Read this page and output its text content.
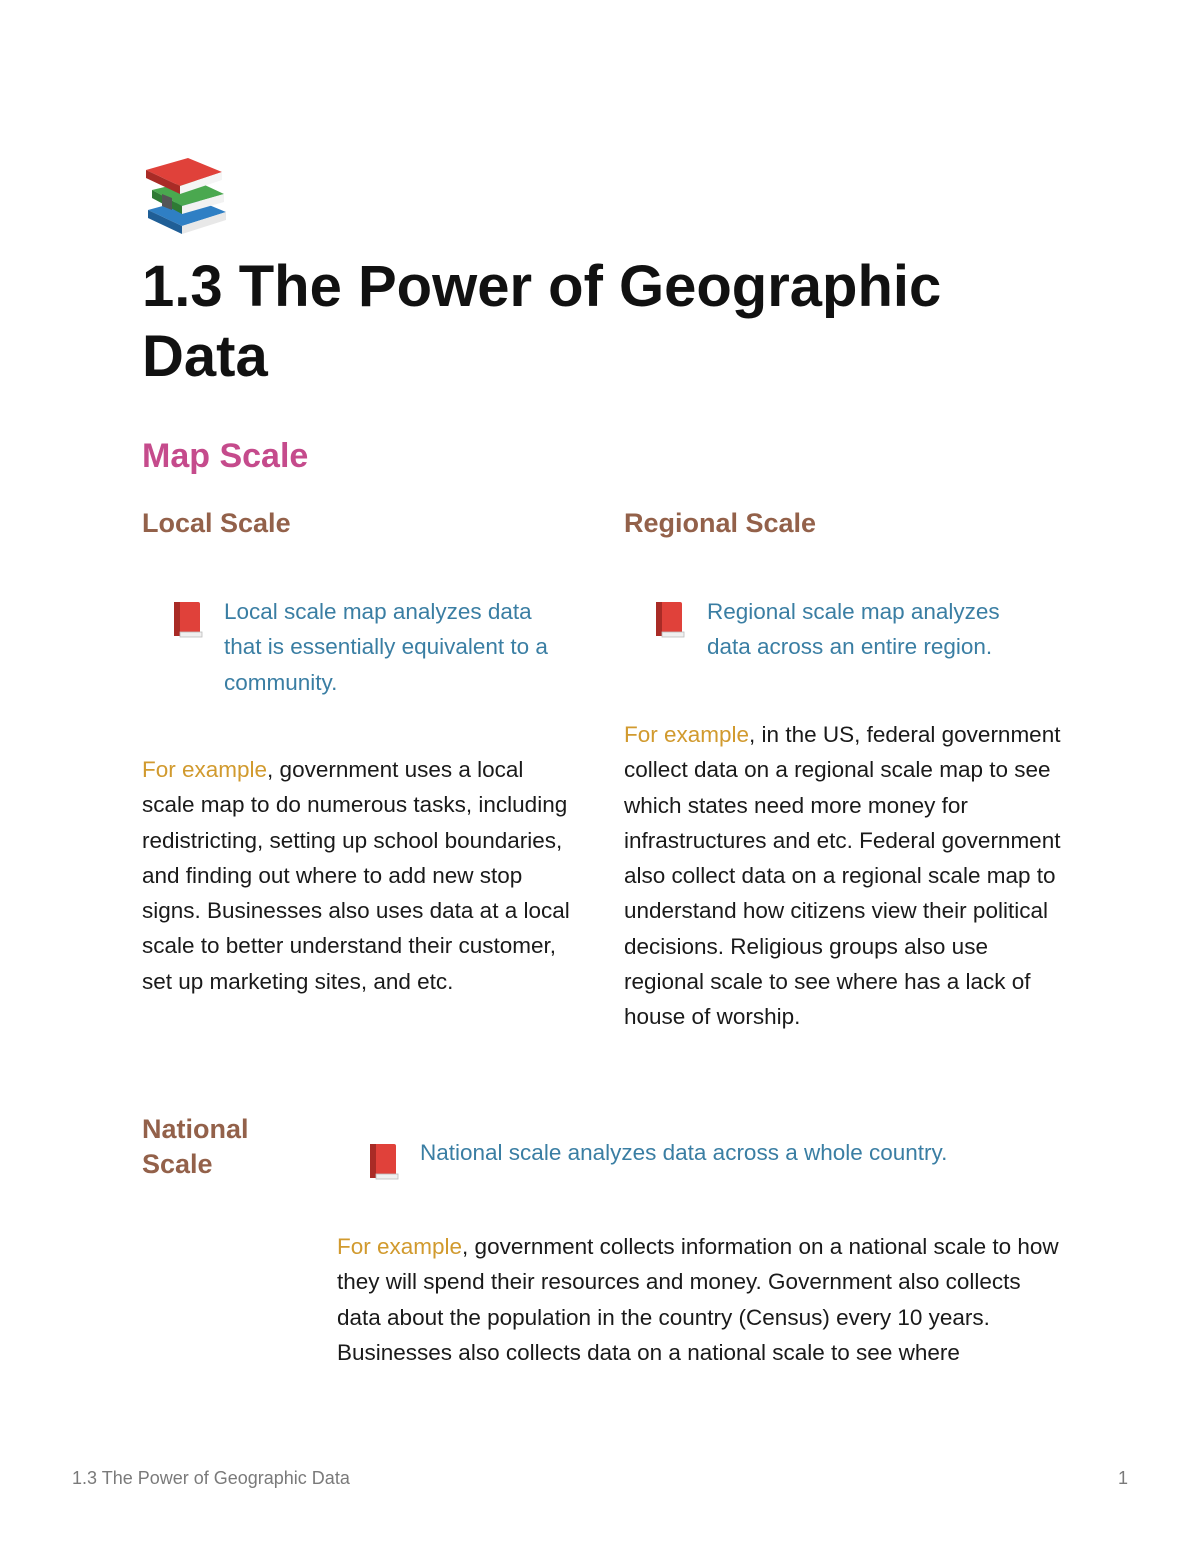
1.3 The Power of Geographic Data
Map Scale
Local Scale

Local scale map analyzes data that is essentially equivalent to a community.

For example, government uses a local scale map to do numerous tasks, including redistricting, setting up school boundaries, and finding out where to add new stop signs. Businesses also uses data at a local scale to better understand their customer, set up marketing sites, and etc.

Regional Scale

Regional scale map analyzes data across an entire region.

For example, in the US, federal government collect data on a regional scale map to see which states need more money for infrastructures and etc. Federal government also collect data on a regional scale map to understand how citizens view their political decisions. Religious groups also use regional scale to see where has a lack of house of worship.

National Scale	National scale analyzes data across a whole country.

For example, government collects information on a national scale to how they will spend their resources and money. Government also collects data about the population in the country (Census) every 10 years. Businesses also collects data on a national scale to see where

1.3 The Power of Geographic Data	1
